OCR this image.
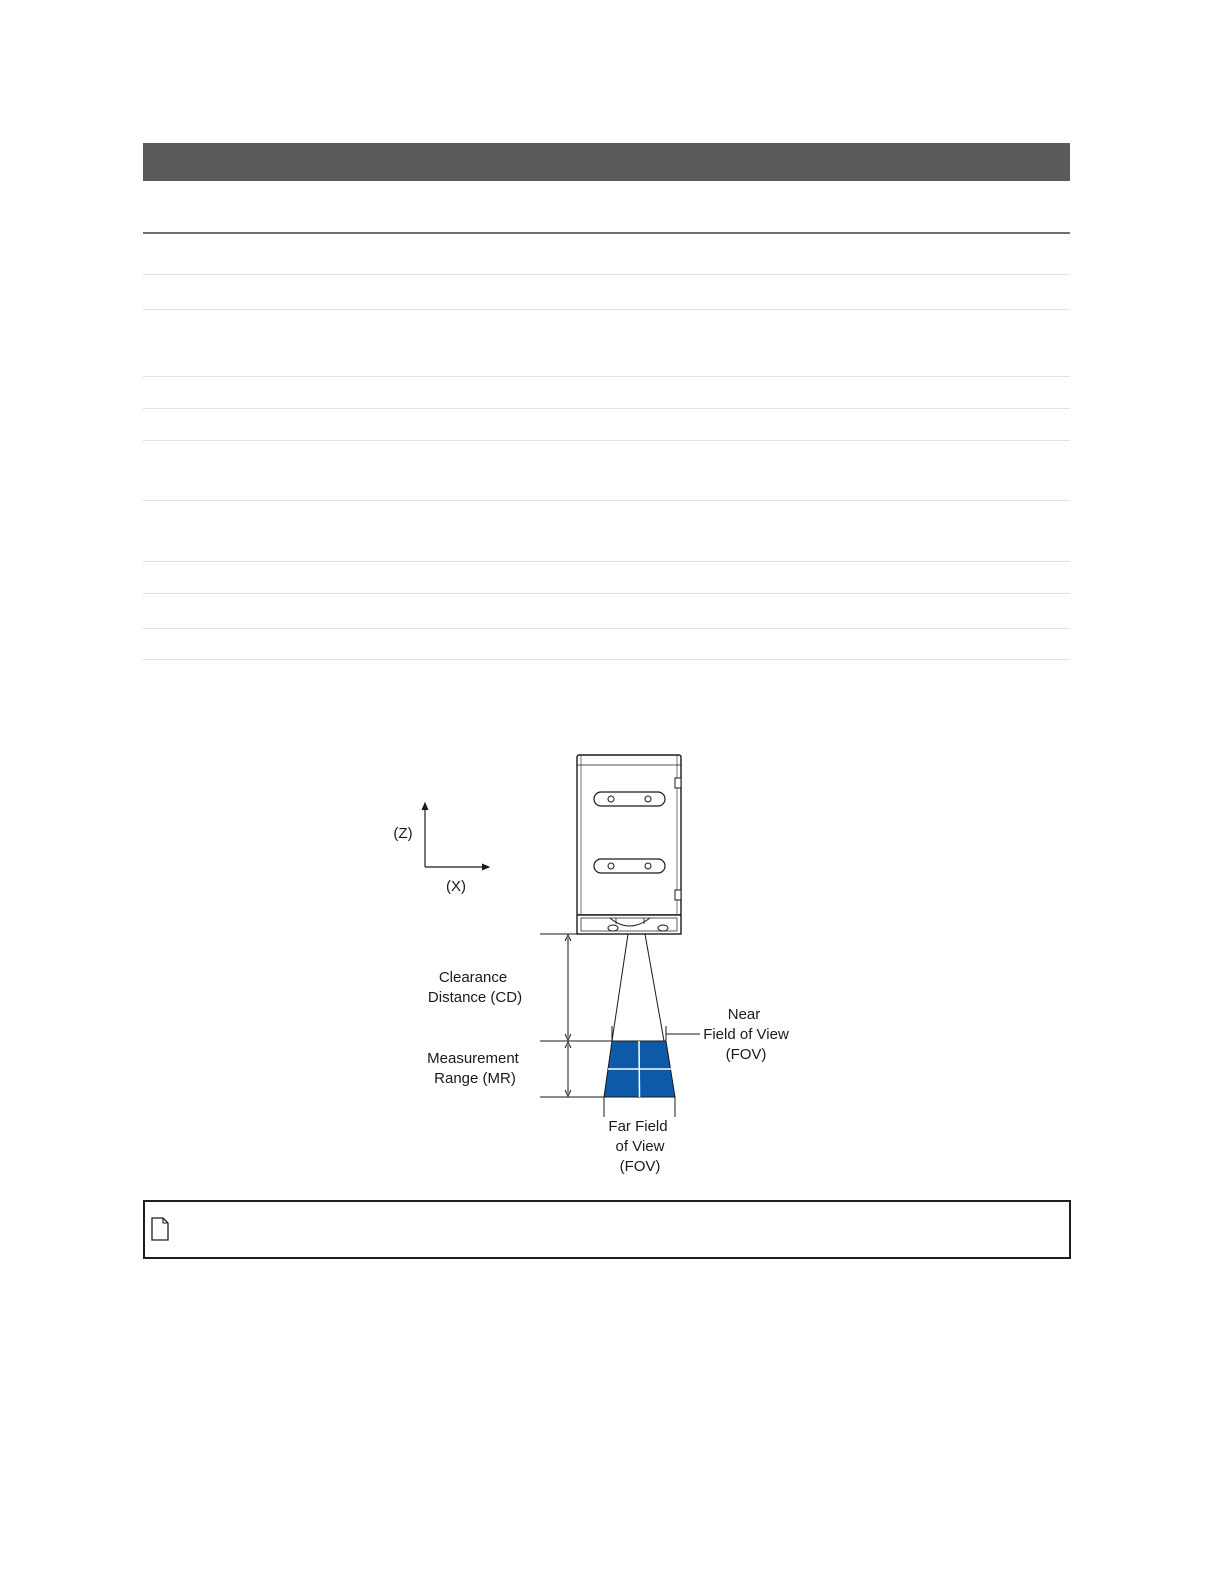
(Z)
(X)
Clearance
Distance (CD)
Measurement
Range (MR)
Near
Field of View
(FOV)
Far Field
of View
(FOV)
